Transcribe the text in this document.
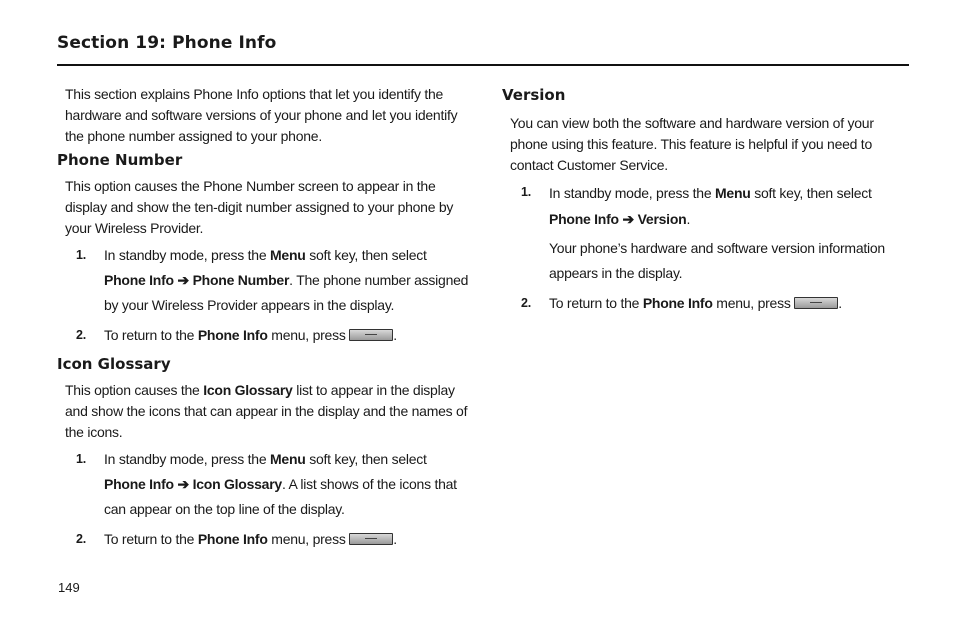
Section 19: Phone Info

This section explains Phone Info options that let you identify the hardware and software versions of your phone and let you identify the phone number assigned to your phone.

Phone Number

This option causes the Phone Number screen to appear in the display and show the ten-digit number assigned to your phone by your Wireless Provider.

1. In standby mode, press the Menu soft key, then select
Phone Info ➔ Phone Number. The phone number assigned by your Wireless Provider appears in the display.
2. To return to the Phone Info menu, press	.
Icon Glossary

This option causes the Icon Glossary list to appear in the display and show the icons that can appear in the display and the names of the icons.

1. In standby mode, press the Menu soft key, then select
Phone Info ➔ Icon Glossary. A list shows of the icons that can appear on the top line of the display.
2. To return to the Phone Info menu, press	.
Version

You can view both the software and hardware version of your phone using this feature. This feature is helpful if you need to contact Customer Service.

1. In standby mode, press the Menu soft key, then select
Phone Info ➔ Version.
Your phone’s hardware and software version information appears in the display.
2. To return to the Phone Info menu, press	.
149
